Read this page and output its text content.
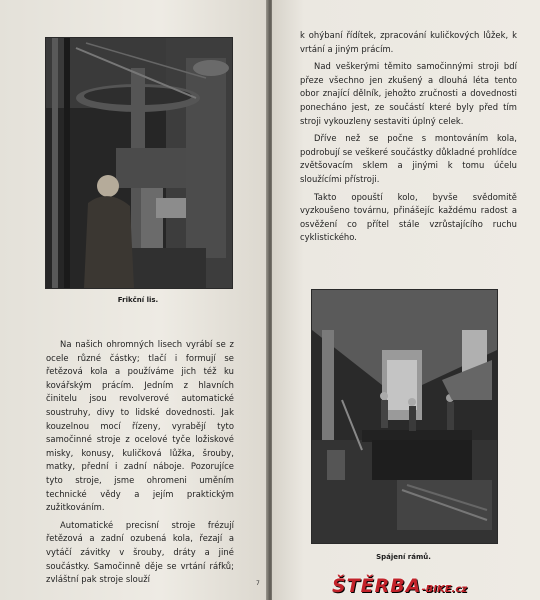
Frikční lis.

Na našich ohromných lisech vyrábí se z ocele různé částky; tlačí i formují se řetězová kola a používáme jich též ku kovářským prácím. Jedním z hlavních činitelu jsou revolverové automatické soustruhy, divy to lidské dovednosti. Jak kouzelnou mocí řízeny, vyrabějí tyto samočinné stroje z ocelové tyče ložiskové misky, konusy, kuličková lůžka, šrouby, matky, přední i zadní náboje. Pozorujíce tyto stroje, jsme ohromeni uměním technické vědy a jejím praktickým zužitkováním.

Automatické precisní stroje frézují řetězová a zadní ozubená kola, řezají a vytáčí závitky v šrouby, dráty a jiné součástky. Samočinně děje se vrtání ráfků; zvláštní pak stroje slouží

k ohýbaní řídítek, zpracování kuličkových lůžek, k vrtání a jiným prácím.

Nad veškerými těmito samočinnými stroji bdí přeze všechno jen zkušený a dlouhá léta tento obor znající dělník, jehožto zručnosti a dovednosti ponecháno jest, ze součástí které byly před tím stroji vykouzleny sestaviti úplný celek.

Dříve než se počne s montováním kola, podrobují se veškeré součástky důkladné prohlídce zvětšovacím sklem a jinými k tomu účelu sloužícími přístroji.

Takto opouští kolo, byvše svědomitě vyzkoušeno továrnu, přinášejíc každému radost a osvěžení co přítel stále vzrůstajícího ruchu cyklistického.

Spájení rámů.
7	ŠTĚRBA-BIKE.cz
